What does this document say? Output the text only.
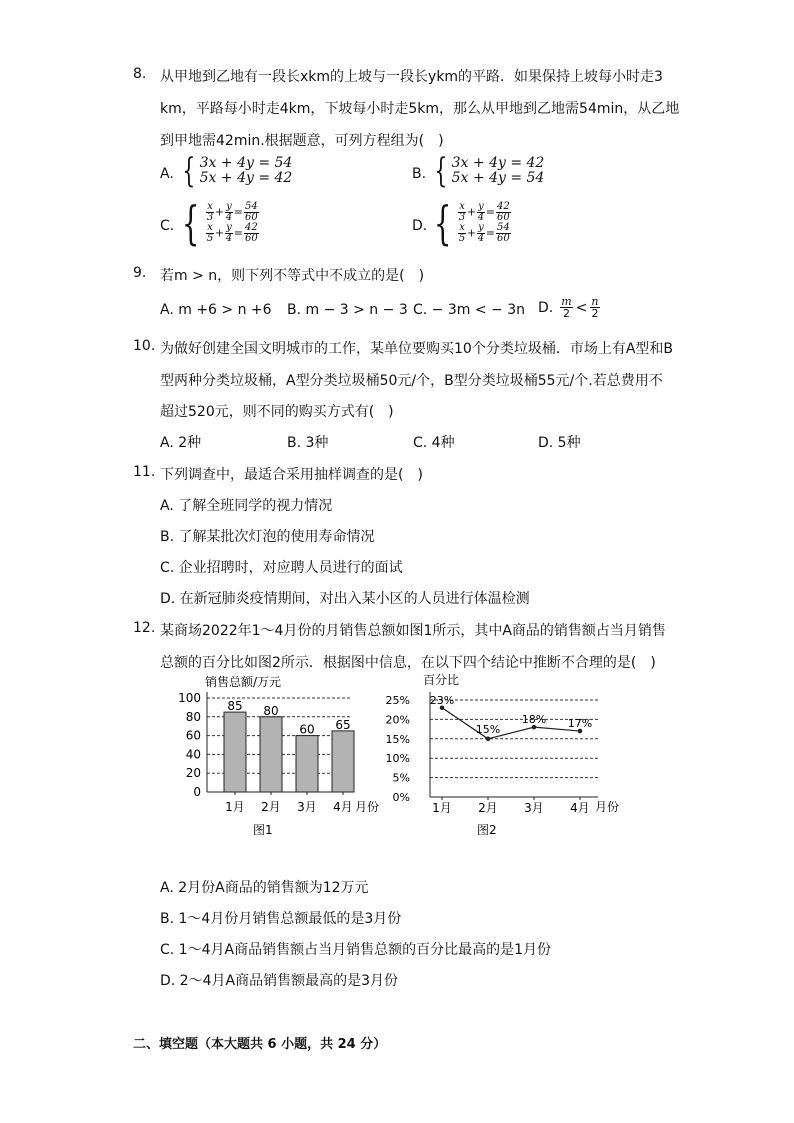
8. 从甲地到乙地有一段长xkm的上坡与一段长ykm的平路．如果保持上坡每小时走3
km，平路每小时走4km，下坡每小时走5km，那么从甲地到乙地需54min，从乙地
到甲地需42min.根据题意，可列方程组为(　)
A. { 3x + 4y = 54
5x + 4y = 42	B. { 3x + 4y = 42
5x + 4y = 54
C. { $\frac{x}{3} + \frac{y}{4} = \frac{54}{60}$
$\frac{x}{5} + \frac{y}{4} = \frac{42}{60}$	D. { $\frac{x}{3} + \frac{y}{4} = \frac{42}{60}$
$\frac{x}{5} + \frac{y}{4} = \frac{54}{60}$
9. 若m > n，则下列不等式中不成立的是(　)
A. m +6 > n +6 B. m − 3 > n − 3 C. − 3m < − 3n D. $\frac{m}{2} < \frac{n}{2}$
10. 为做好创建全国文明城市的工作，某单位要购买10个分类垃圾桶．市场上有A型和B
型两种分类垃圾桶，A型分类垃圾桶50元/个，B型分类垃圾桶55元/个.若总费用不
超过520元，则不同的购买方式有(　)
A. 2种	B. 3种	C. 4种	D. 5种
11. 下列调查中，最适合采用抽样调查的是(　)
A. 了解全班同学的视力情况
B. 了解某批次灯泡的使用寿命情况
C. 企业招聘时，对应聘人员进行的面试
D. 在新冠肺炎疫情期间，对出入某小区的人员进行体温检测
12. 某商场2022年1～4月份的月销售总额如图1所示，其中A商品的销售额占当月销售
总额的百分比如图2所示．根据图中信息，在以下四个结论中推断不合理的是(　)
销售总额/万元
月份
图1
85 80
60 65
0
20
40
60
80
100
1月 2月 3月 4月
百分比
月份
图2
23%
15%
18% 17%
0%
5%
10%
15%
20%
25%
1月 2月 3月 4月
A. 2月份A商品的销售额为12万元
B. 1～4月份月销售总额最低的是3月份
C. 1～4月A商品销售额占当月销售总额的百分比最高的是1月份
D. 2～4月A商品销售额最高的是3月份
二、填空题（本大题共 6 小题，共 24 分）
